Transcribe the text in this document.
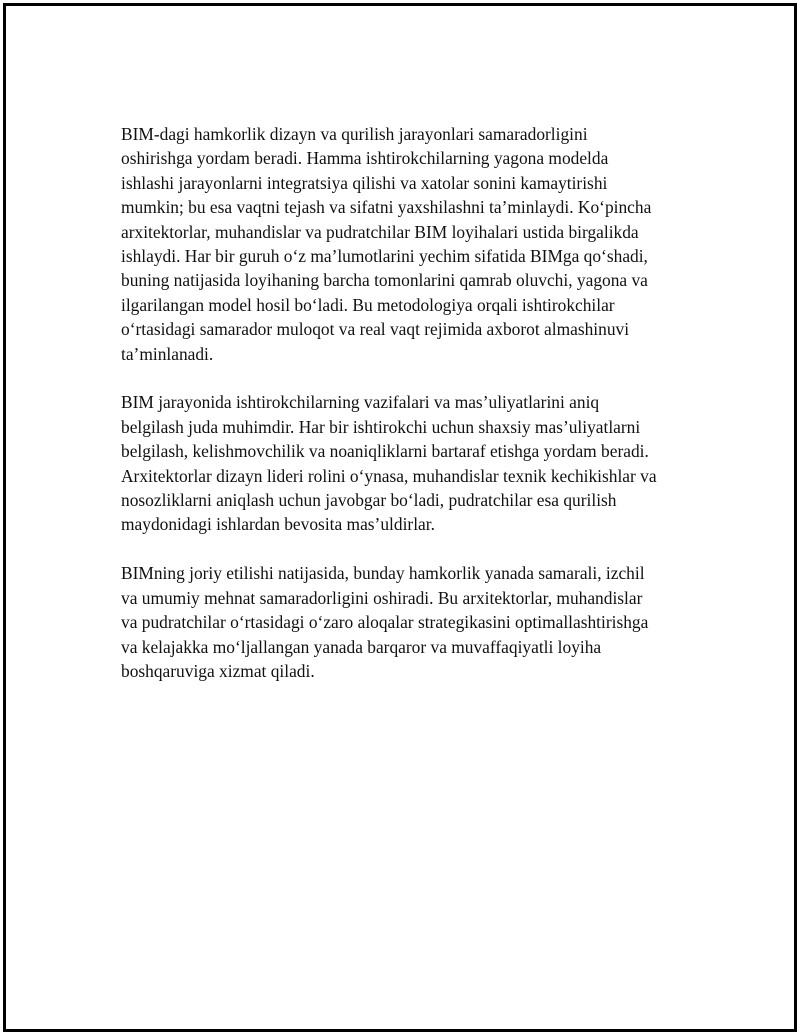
BIM-dagi hamkorlik dizayn va qurilish jarayonlari samaradorligini
oshirishga yordam beradi. Hamma ishtirokchilarning yagona modelda
ishlashi jarayonlarni integratsiya qilishi va xatolar sonini kamaytirishi
mumkin; bu esa vaqtni tejash va sifatni yaxshilashni ta’minlaydi. Ko‘pincha
arxitektorlar, muhandislar va pudratchilar BIM loyihalari ustida birgalikda
ishlaydi. Har bir guruh o‘z ma’lumotlarini yechim sifatida BIMga qo‘shadi,
buning natijasida loyihaning barcha tomonlarini qamrab oluvchi, yagona va
ilgarilangan model hosil bo‘ladi. Bu metodologiya orqali ishtirokchilar
o‘rtasidagi samarador muloqot va real vaqt rejimida axborot almashinuvi
ta’minlanadi.

BIM jarayonida ishtirokchilarning vazifalari va mas’uliyatlarini aniq
belgilash juda muhimdir. Har bir ishtirokchi uchun shaxsiy mas’uliyatlarni
belgilash, kelishmovchilik va noaniqliklarni bartaraf etishga yordam beradi.
Arxitektorlar dizayn lideri rolini o‘ynasa, muhandislar texnik kechikishlar va
nosozliklarni aniqlash uchun javobgar bo‘ladi, pudratchilar esa qurilish
maydonidagi ishlardan bevosita mas’uldirlar.

BIMning joriy etilishi natijasida, bunday hamkorlik yanada samarali, izchil
va umumiy mehnat samaradorligini oshiradi. Bu arxitektorlar, muhandislar
va pudratchilar o‘rtasidagi o‘zaro aloqalar strategikasini optimallashtirishga
va kelajakka mo‘ljallangan yanada barqaror va muvaffaqiyatli loyiha
boshqaruviga xizmat qiladi.
